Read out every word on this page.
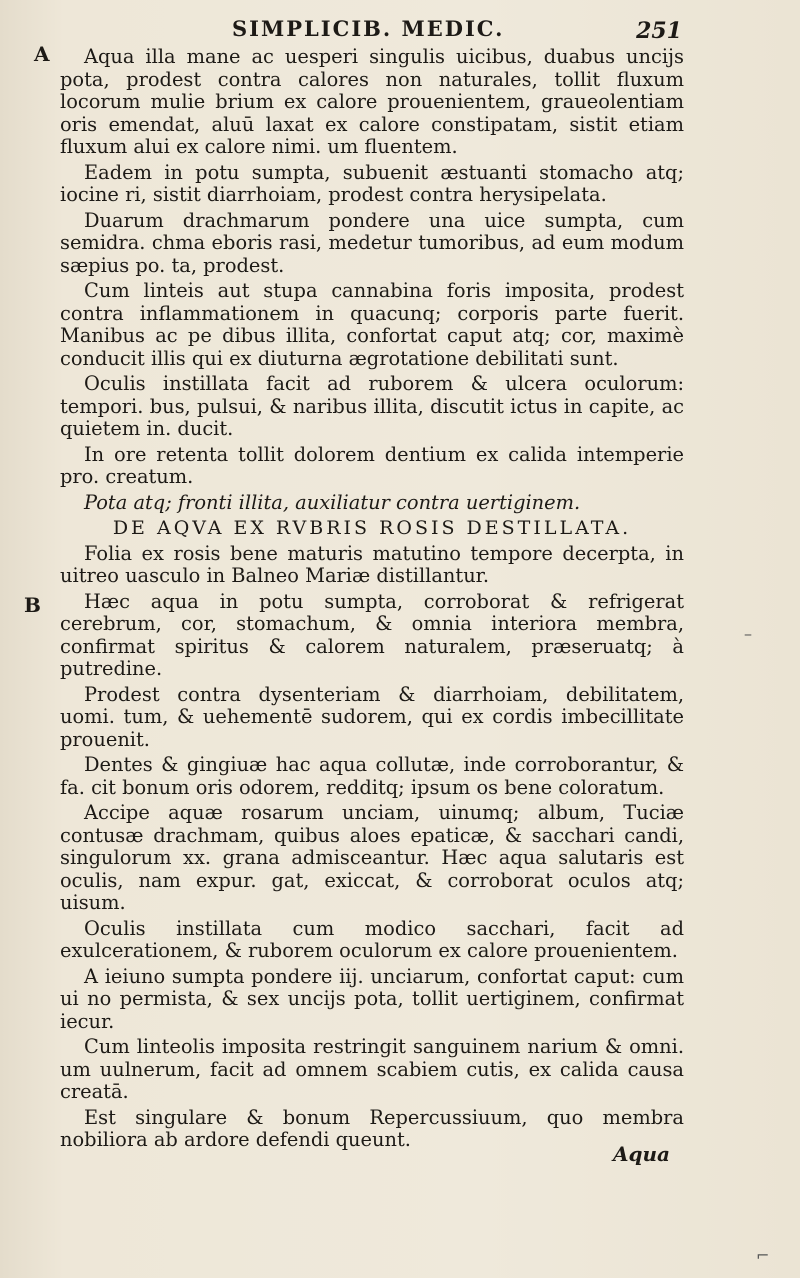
SIMPLICIB. MEDIC.	251
A
B
–
⌐

Aqua illa mane ac uesperi singulis uicibus, duabus uncijs pota, prodest contra calores non naturales, tollit fluxum locorum mulie brium ex calore prouenientem, graueolentiam oris emendat, aluū laxat ex calore constipatam, sistit etiam fluxum alui ex calore nimi. um fluentem.

Eadem in potu sumpta, subuenit æstuanti stomacho atq; iocine ri, sistit diarrhoiam, prodest contra herysipelata.

Duarum drachmarum pondere una uice sumpta, cum semidra. chma eboris rasi, medetur tumoribus, ad eum modum sæpius po. ta, prodest.

Cum linteis aut stupa cannabina foris imposita, prodest contra inflammationem in quacunq; corporis parte fuerit. Manibus ac pe dibus illita, confortat caput atq; cor, maximè conducit illis qui ex diuturna ægrotatione debilitati sunt.

Oculis instillata facit ad ruborem & ulcera oculorum: tempori. bus, pulsui, & naribus illita, discutit ictus in capite, ac quietem in. ducit.

In ore retenta tollit dolorem dentium ex calida intemperie pro. creatum.

Pota atq; fronti illita, auxiliatur contra uertiginem.

DE AQVA EX RVBRIS ROSIS DESTILLATA.

Folia ex rosis bene maturis matutino tempore decerpta, in uitreo uasculo in Balneo Mariæ distillantur.

Hæc aqua in potu sumpta, corroborat & refrigerat cerebrum, cor, stomachum, & omnia interiora membra, confirmat spiritus & calorem naturalem, præseruatq; à putredine.

Prodest contra dysenteriam & diarrhoiam, debilitatem, uomi. tum, & uehementē sudorem, qui ex cordis imbecillitate prouenit.

Dentes & gingiuæ hac aqua collutæ, inde corroborantur, & fa. cit bonum oris odorem, redditq; ipsum os bene coloratum.

Accipe aquæ rosarum unciam, uinumq; album, Tuciæ contusæ drachmam, quibus aloes epaticæ, & sacchari candi, singulorum xx. grana admisceantur. Hæc aqua salutaris est oculis, nam expur. gat, exiccat, & corroborat oculos atq; uisum.

Oculis instillata cum modico sacchari, facit ad exulcerationem, & ruborem oculorum ex calore prouenientem.

A ieiuno sumpta pondere iij. unciarum, confortat caput: cum ui no permista, & sex uncijs pota, tollit uertiginem, confirmat iecur.

Cum linteolis imposita restringit sanguinem narium & omni. um uulnerum, facit ad omnem scabiem cutis, ex calida causa creatā.

Est singulare & bonum Repercussiuum, quo membra nobiliora ab ardore defendi queunt.

Aqua
